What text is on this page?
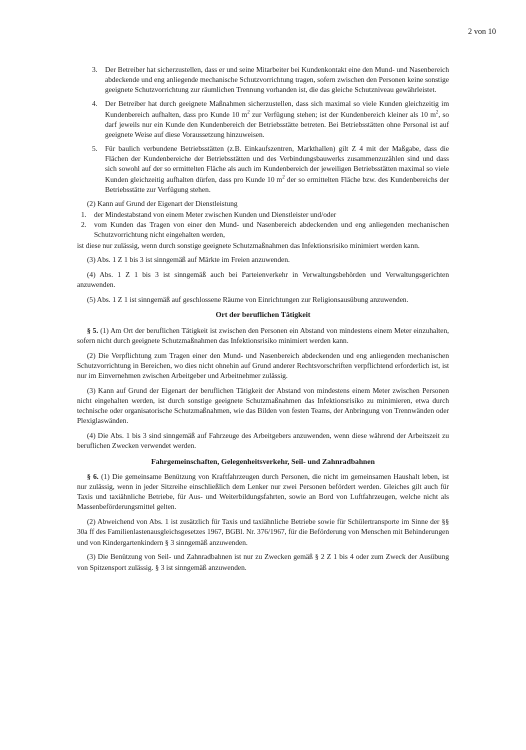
2 von 10
3.	Der Betreiber hat sicherzustellen, dass er und seine Mitarbeiter bei Kundenkontakt eine den Mund- und Nasenbereich abdeckende und eng anliegende mechanische Schutzvorrichtung tragen, sofern zwischen den Personen keine sonstige geeignete Schutzvorrichtung zur räumlichen Trennung vorhanden ist, die das gleiche Schutzniveau gewährleistet.
4.	Der Betreiber hat durch geeignete Maßnahmen sicherzustellen, dass sich maximal so viele Kunden gleichzeitig im Kundenbereich aufhalten, dass pro Kunde 10 $m^2$ zur Verfügung stehen; ist der Kundenbereich kleiner als 10 $m^2$, so darf jeweils nur ein Kunde den Kundenbereich der Betriebsstätte betreten. Bei Betriebsstätten ohne Personal ist auf geeignete Weise auf diese Voraussetzung hinzuweisen.
5.	Für baulich verbundene Betriebsstätten (z.B. Einkaufszentren, Markthallen) gilt Z 4 mit der Maßgabe, dass die Flächen der Kundenbereiche der Betriebsstätten und des Verbindungsbauwerks zusammenzuzählen sind und dass sich sowohl auf der so ermittelten Fläche als auch im Kundenbereich der jeweiligen Betriebsstätten maximal so viele Kunden gleichzeitig aufhalten dürfen, dass pro Kunde 10 $m^2$ der so ermittelten Fläche bzw. des Kundenbereichs der Betriebsstätte zur Verfügung stehen.

(2) Kann auf Grund der Eigenart der Dienstleistung

1.	der Mindestabstand von einem Meter zwischen Kunden und Dienstleister und/oder
2.	vom Kunden das Tragen von einer den Mund- und Nasenbereich abdeckenden und eng anliegenden mechanischen Schutzvorrichtung nicht eingehalten werden,

ist diese nur zulässig, wenn durch sonstige geeignete Schutzmaßnahmen das Infektionsrisiko minimiert werden kann.

(3) Abs. 1 Z 1 bis 3 ist sinngemäß auf Märkte im Freien anzuwenden.

(4) Abs. 1 Z 1 bis 3 ist sinngemäß auch bei Parteienverkehr in Verwaltungsbehörden und Verwaltungsgerichten anzuwenden.

(5) Abs. 1 Z 1 ist sinngemäß auf geschlossene Räume von Einrichtungen zur Religionsausübung anzuwenden.

Ort der beruflichen Tätigkeit

§ 5. (1) Am Ort der beruflichen Tätigkeit ist zwischen den Personen ein Abstand von mindestens einem Meter einzuhalten, sofern nicht durch geeignete Schutzmaßnahmen das Infektionsrisiko minimiert werden kann.

(2) Die Verpflichtung zum Tragen einer den Mund- und Nasenbereich abdeckenden und eng anliegenden mechanischen Schutzvorrichtung in Bereichen, wo dies nicht ohnehin auf Grund anderer Rechtsvorschriften verpflichtend erforderlich ist, ist nur im Einvernehmen zwischen Arbeitgeber und Arbeitnehmer zulässig.

(3) Kann auf Grund der Eigenart der beruflichen Tätigkeit der Abstand von mindestens einem Meter zwischen Personen nicht eingehalten werden, ist durch sonstige geeignete Schutzmaßnahmen das Infektionsrisiko zu minimieren, etwa durch technische oder organisatorische Schutzmaßnahmen, wie das Bilden von festen Teams, der Anbringung von Trennwänden oder Plexiglaswänden.

(4) Die Abs. 1 bis 3 sind sinngemäß auf Fahrzeuge des Arbeitgebers anzuwenden, wenn diese während der Arbeitszeit zu beruflichen Zwecken verwendet werden.

Fahrgemeinschaften, Gelegenheitsverkehr, Seil- und Zahnradbahnen

§ 6. (1) Die gemeinsame Benützung von Kraftfahrzeugen durch Personen, die nicht im gemeinsamen Haushalt leben, ist nur zulässig, wenn in jeder Sitzreihe einschließlich dem Lenker nur zwei Personen befördert werden. Gleiches gilt auch für Taxis und taxiähnliche Betriebe, für Aus- und Weiterbildungsfahrten, sowie an Bord von Luftfahrzeugen, welche nicht als Massenbeförderungsmittel gelten.

(2) Abweichend von Abs. 1 ist zusätzlich für Taxis und taxiähnliche Betriebe sowie für Schülertransporte im Sinne der §§ 30a ff des Familienlastenausgleichsgesetzes 1967, BGBl. Nr. 376/1967, für die Beförderung von Menschen mit Behinderungen und von Kindergartenkindern § 3 sinngemäß anzuwenden.

(3) Die Benützung von Seil- und Zahnradbahnen ist nur zu Zwecken gemäß § 2 Z 1 bis 4 oder zum Zweck der Ausübung von Spitzensport zulässig. § 3 ist sinngemäß anzuwenden.
